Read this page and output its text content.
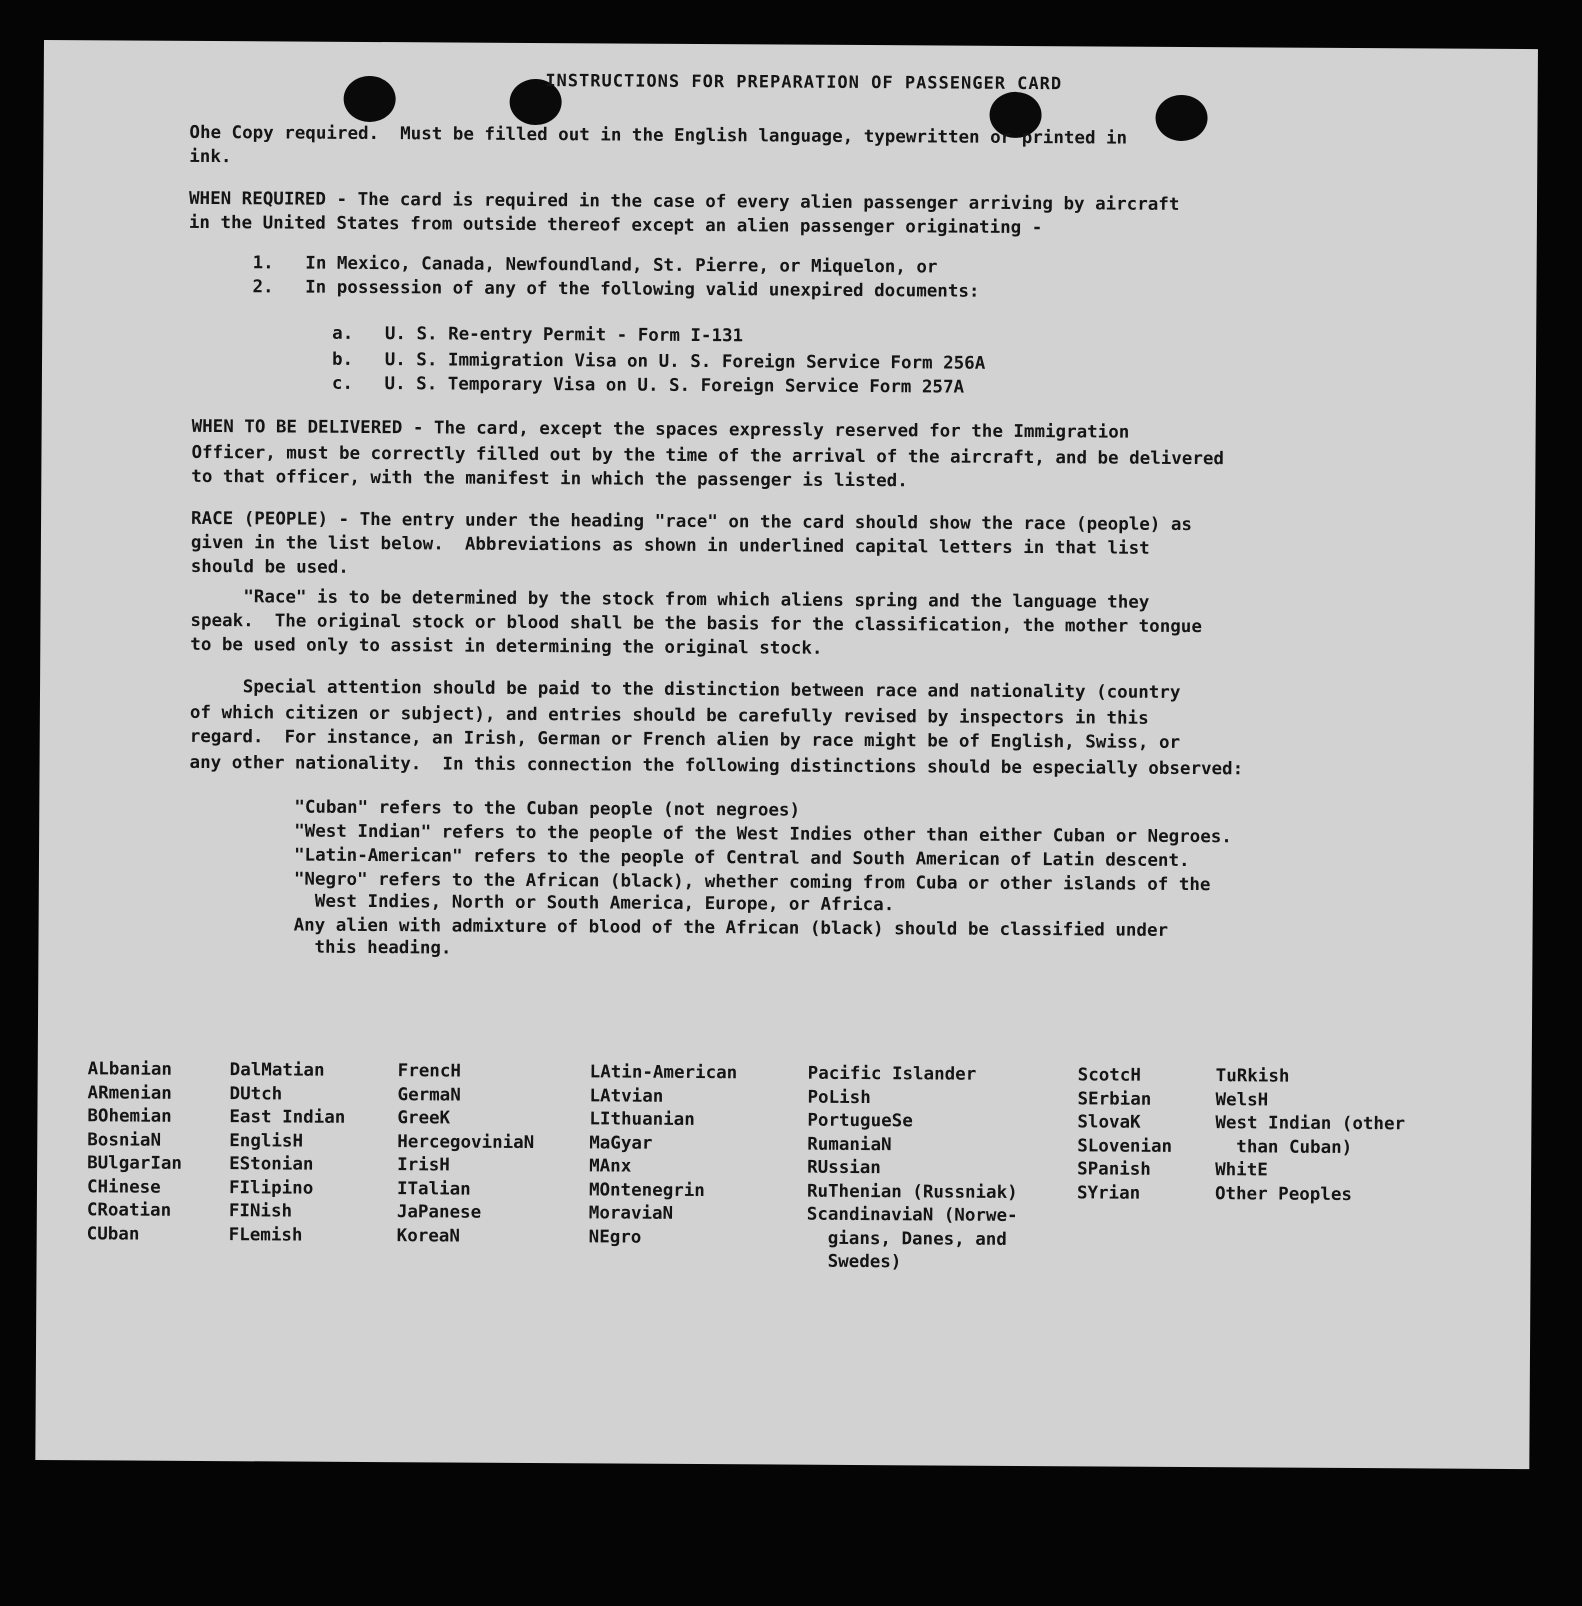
INSTRUCTIONS FOR PREPARATION OF PASSENGER CARD
Ohe Copy required.  Must be filled out in the English language, typewritten or printed in
ink.
WHEN REQUIRED - The card is required in the case of every alien passenger arriving by aircraft
in the United States from outside thereof except an alien passenger originating -
1.   In Mexico, Canada, Newfoundland, St. Pierre, or Miquelon, or
2.   In possession of any of the following valid unexpired documents:
a.   U. S. Re-entry Permit - Form I-131
b.   U. S. Immigration Visa on U. S. Foreign Service Form 256A
c.   U. S. Temporary Visa on U. S. Foreign Service Form 257A
WHEN TO BE DELIVERED - The card, except the spaces expressly reserved for the Immigration
Officer, must be correctly filled out by the time of the arrival of the aircraft, and be delivered
to that officer, with the manifest in which the passenger is listed.
RACE (PEOPLE) - The entry under the heading "race" on the card should show the race (people) as
given in the list below.  Abbreviations as shown in underlined capital letters in that list
should be used.
"Race" is to be determined by the stock from which aliens spring and the language they
speak.  The original stock or blood shall be the basis for the classification, the mother tongue
to be used only to assist in determining the original stock.
Special attention should be paid to the distinction between race and nationality (country
of which citizen or subject), and entries should be carefully revised by inspectors in this
regard.  For instance, an Irish, German or French alien by race might be of English, Swiss, or
any other nationality.  In this connection the following distinctions should be especially observed:
"Cuban" refers to the Cuban people (not negroes)
"West Indian" refers to the people of the West Indies other than either Cuban or Negroes.
"Latin-American" refers to the people of Central and South American of Latin descent.
"Negro" refers to the African (black), whether coming from Cuba or other islands of the
West Indies, North or South America, Europe, or Africa.
Any alien with admixture of blood of the African (black) should be classified under
this heading.
ALbanian
ARmenian
BOhemian
BosniaN
BUlgarIan
CHinese
CRoatian
CUban
DalMatian
DUtch
East Indian
EnglisH
EStonian
FIlipino
FINish
FLemish
FrencH
GermaN
GreeK
HercegoviniaN
IrisH
ITalian
JaPanese
KoreaN
LAtin-American
LAtvian
LIthuanian
MaGyar
MAnx
MOntenegrin
MoraviaN
NEgro
Pacific Islander
PoLish
PortugueSe
RumaniaN
RUssian
RuThenian (Russniak)
ScandinaviaN (Norwe-
gians, Danes, and
Swedes)
ScotcH
SErbian
SlovaK
SLovenian
SPanish
SYrian
TuRkish
WelsH
West Indian (other
than Cuban)
WhitE
Other Peoples
